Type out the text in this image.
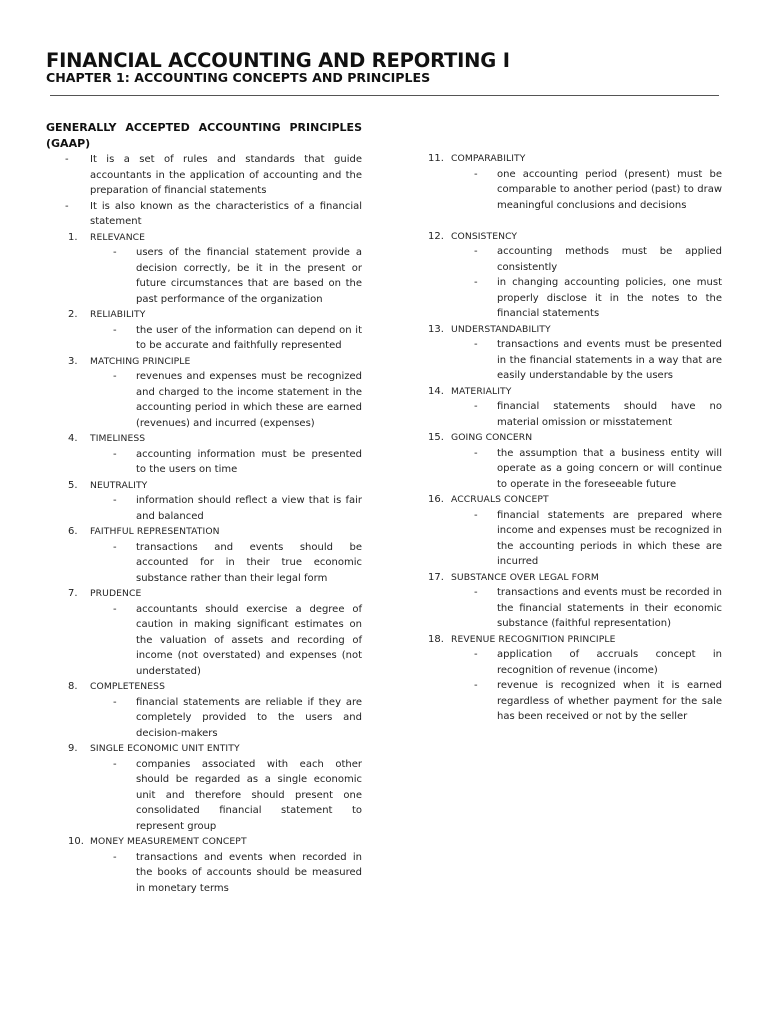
FINANCIAL ACCOUNTING AND REPORTING I
CHAPTER 1: ACCOUNTING CONCEPTS AND PRINCIPLES
GENERALLY ACCEPTED ACCOUNTING PRINCIPLES
(GAAP)
- It is a set of rules and standards that guide accountants in the application of accounting and the preparation of financial statements
- It is also known as the characteristics of a financial statement
1.	RELEVANCE
- users of the financial statement provide a decision correctly, be it in the present or future circumstances that are based on the past performance of the organization
2.	RELIABILITY
- the user of the information can depend on it to be accurate and faithfully represented
3.	MATCHING PRINCIPLE
- revenues and expenses must be recognized and charged to the income statement in the accounting period in which these are earned (revenues) and incurred (expenses)
4.	TIMELINESS
- accounting information must be presented to the users on time
5.	NEUTRALITY
- information should reflect a view that is fair and balanced
6.	FAITHFUL REPRESENTATION
- transactions and events should be accounted for in their true economic substance rather than their legal form
7.	PRUDENCE
- accountants should exercise a degree of caution in making significant estimates on the valuation of assets and recording of income (not overstated) and expenses (not understated)
8.	COMPLETENESS
- financial statements are reliable if they are completely provided to the users and decision-makers
9.	SINGLE ECONOMIC UNIT ENTITY
- companies associated with each other should be regarded as a single economic unit and therefore should present one consolidated financial statement to represent group
10. MONEY MEASUREMENT CONCEPT
- transactions and events when recorded in the books of accounts should be measured in monetary terms
11. COMPARABILITY
- one accounting period (present) must be comparable to another period (past) to draw meaningful conclusions and decisions
12. CONSISTENCY
- accounting methods must be applied consistently
- in changing accounting policies, one must properly disclose it in the notes to the financial statements
13. UNDERSTANDABILITY
- transactions and events must be presented in the financial statements in a way that are easily understandable by the users
14. MATERIALITY
- financial statements should have no material omission or misstatement
15. GOING CONCERN
- the assumption that a business entity will operate as a going concern or will continue to operate in the foreseeable future
16. ACCRUALS CONCEPT
- financial statements are prepared where income and expenses must be recognized in the accounting periods in which these are incurred
17. SUBSTANCE OVER LEGAL FORM
- transactions and events must be recorded in the financial statements in their economic substance (faithful representation)
18. REVENUE RECOGNITION PRINCIPLE
- application of accruals concept in recognition of revenue (income)
- revenue is recognized when it is earned regardless of whether payment for the sale has been received or not by the seller
